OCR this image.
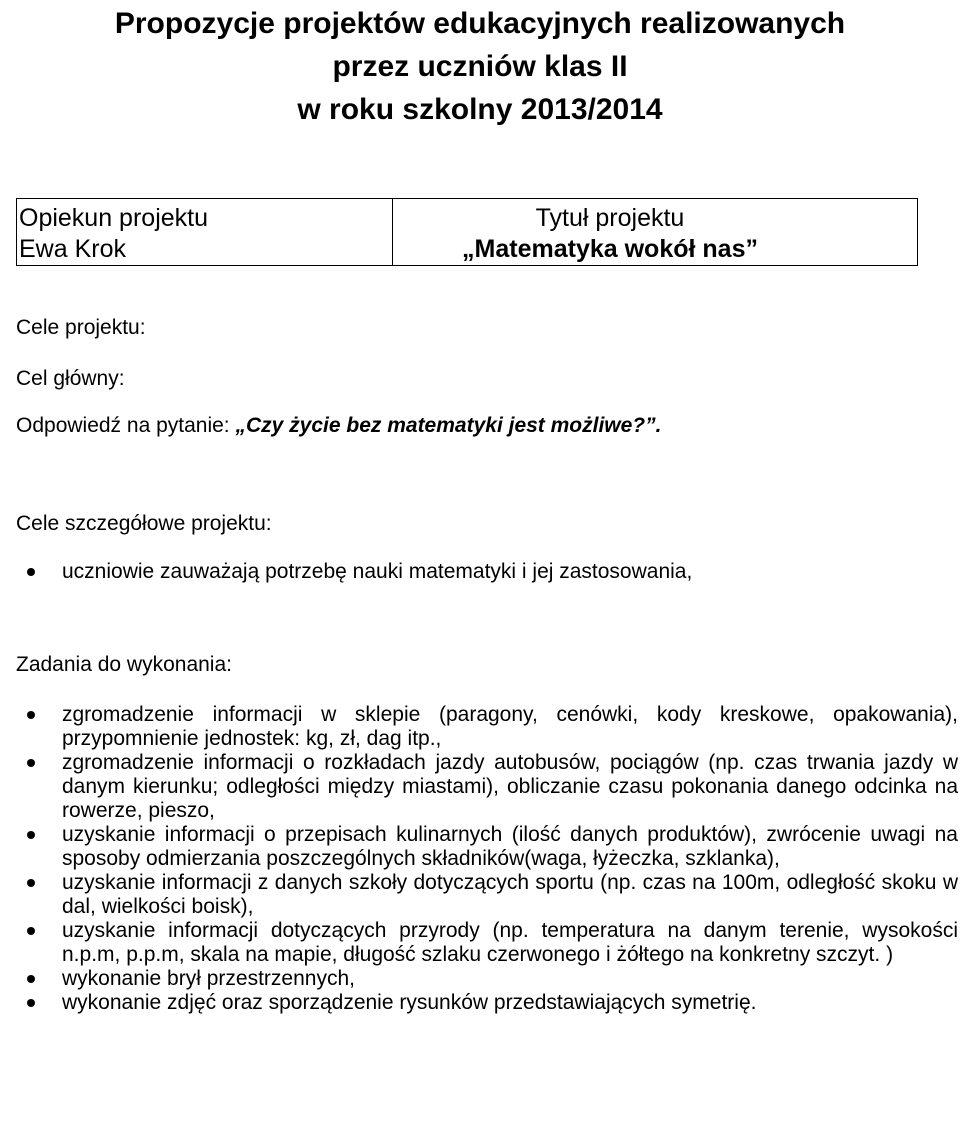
Propozycje projektów edukacyjnych realizowanych
przez uczniów klas II
w roku szkolny 2013/2014
Opiekun projektu
Ewa Krok
Tytuł projektu
„Matematyka wokół nas”
Cele projektu:
Cel główny:
Odpowiedź na pytanie: „Czy życie bez matematyki jest możliwe?”.
Cele szczegółowe projektu:
uczniowie zauważają potrzebę nauki matematyki i jej zastosowania,
Zadania do wykonania:
zgromadzenie informacji w sklepie (paragony, cenówki, kody kreskowe, opakowania), przypomnienie jednostek: kg, zł, dag itp.,
zgromadzenie informacji o rozkładach jazdy autobusów, pociągów (np. czas trwania jazdy w danym kierunku; odległości między miastami), obliczanie czasu pokonania danego odcinka na rowerze, pieszo,
uzyskanie informacji o przepisach kulinarnych (ilość danych produktów), zwrócenie uwagi na sposoby odmierzania poszczególnych składników(waga, łyżeczka, szklanka),
uzyskanie informacji z danych szkoły dotyczących sportu (np. czas na 100m, odległość skoku w dal, wielkości boisk),
uzyskanie informacji dotyczących przyrody (np. temperatura na danym terenie, wysokości n.p.m, p.p.m, skala na mapie, długość szlaku czerwonego i żółtego na konkretny szczyt. )
wykonanie brył przestrzennych,
wykonanie zdjęć oraz sporządzenie rysunków przedstawiających symetrię.
